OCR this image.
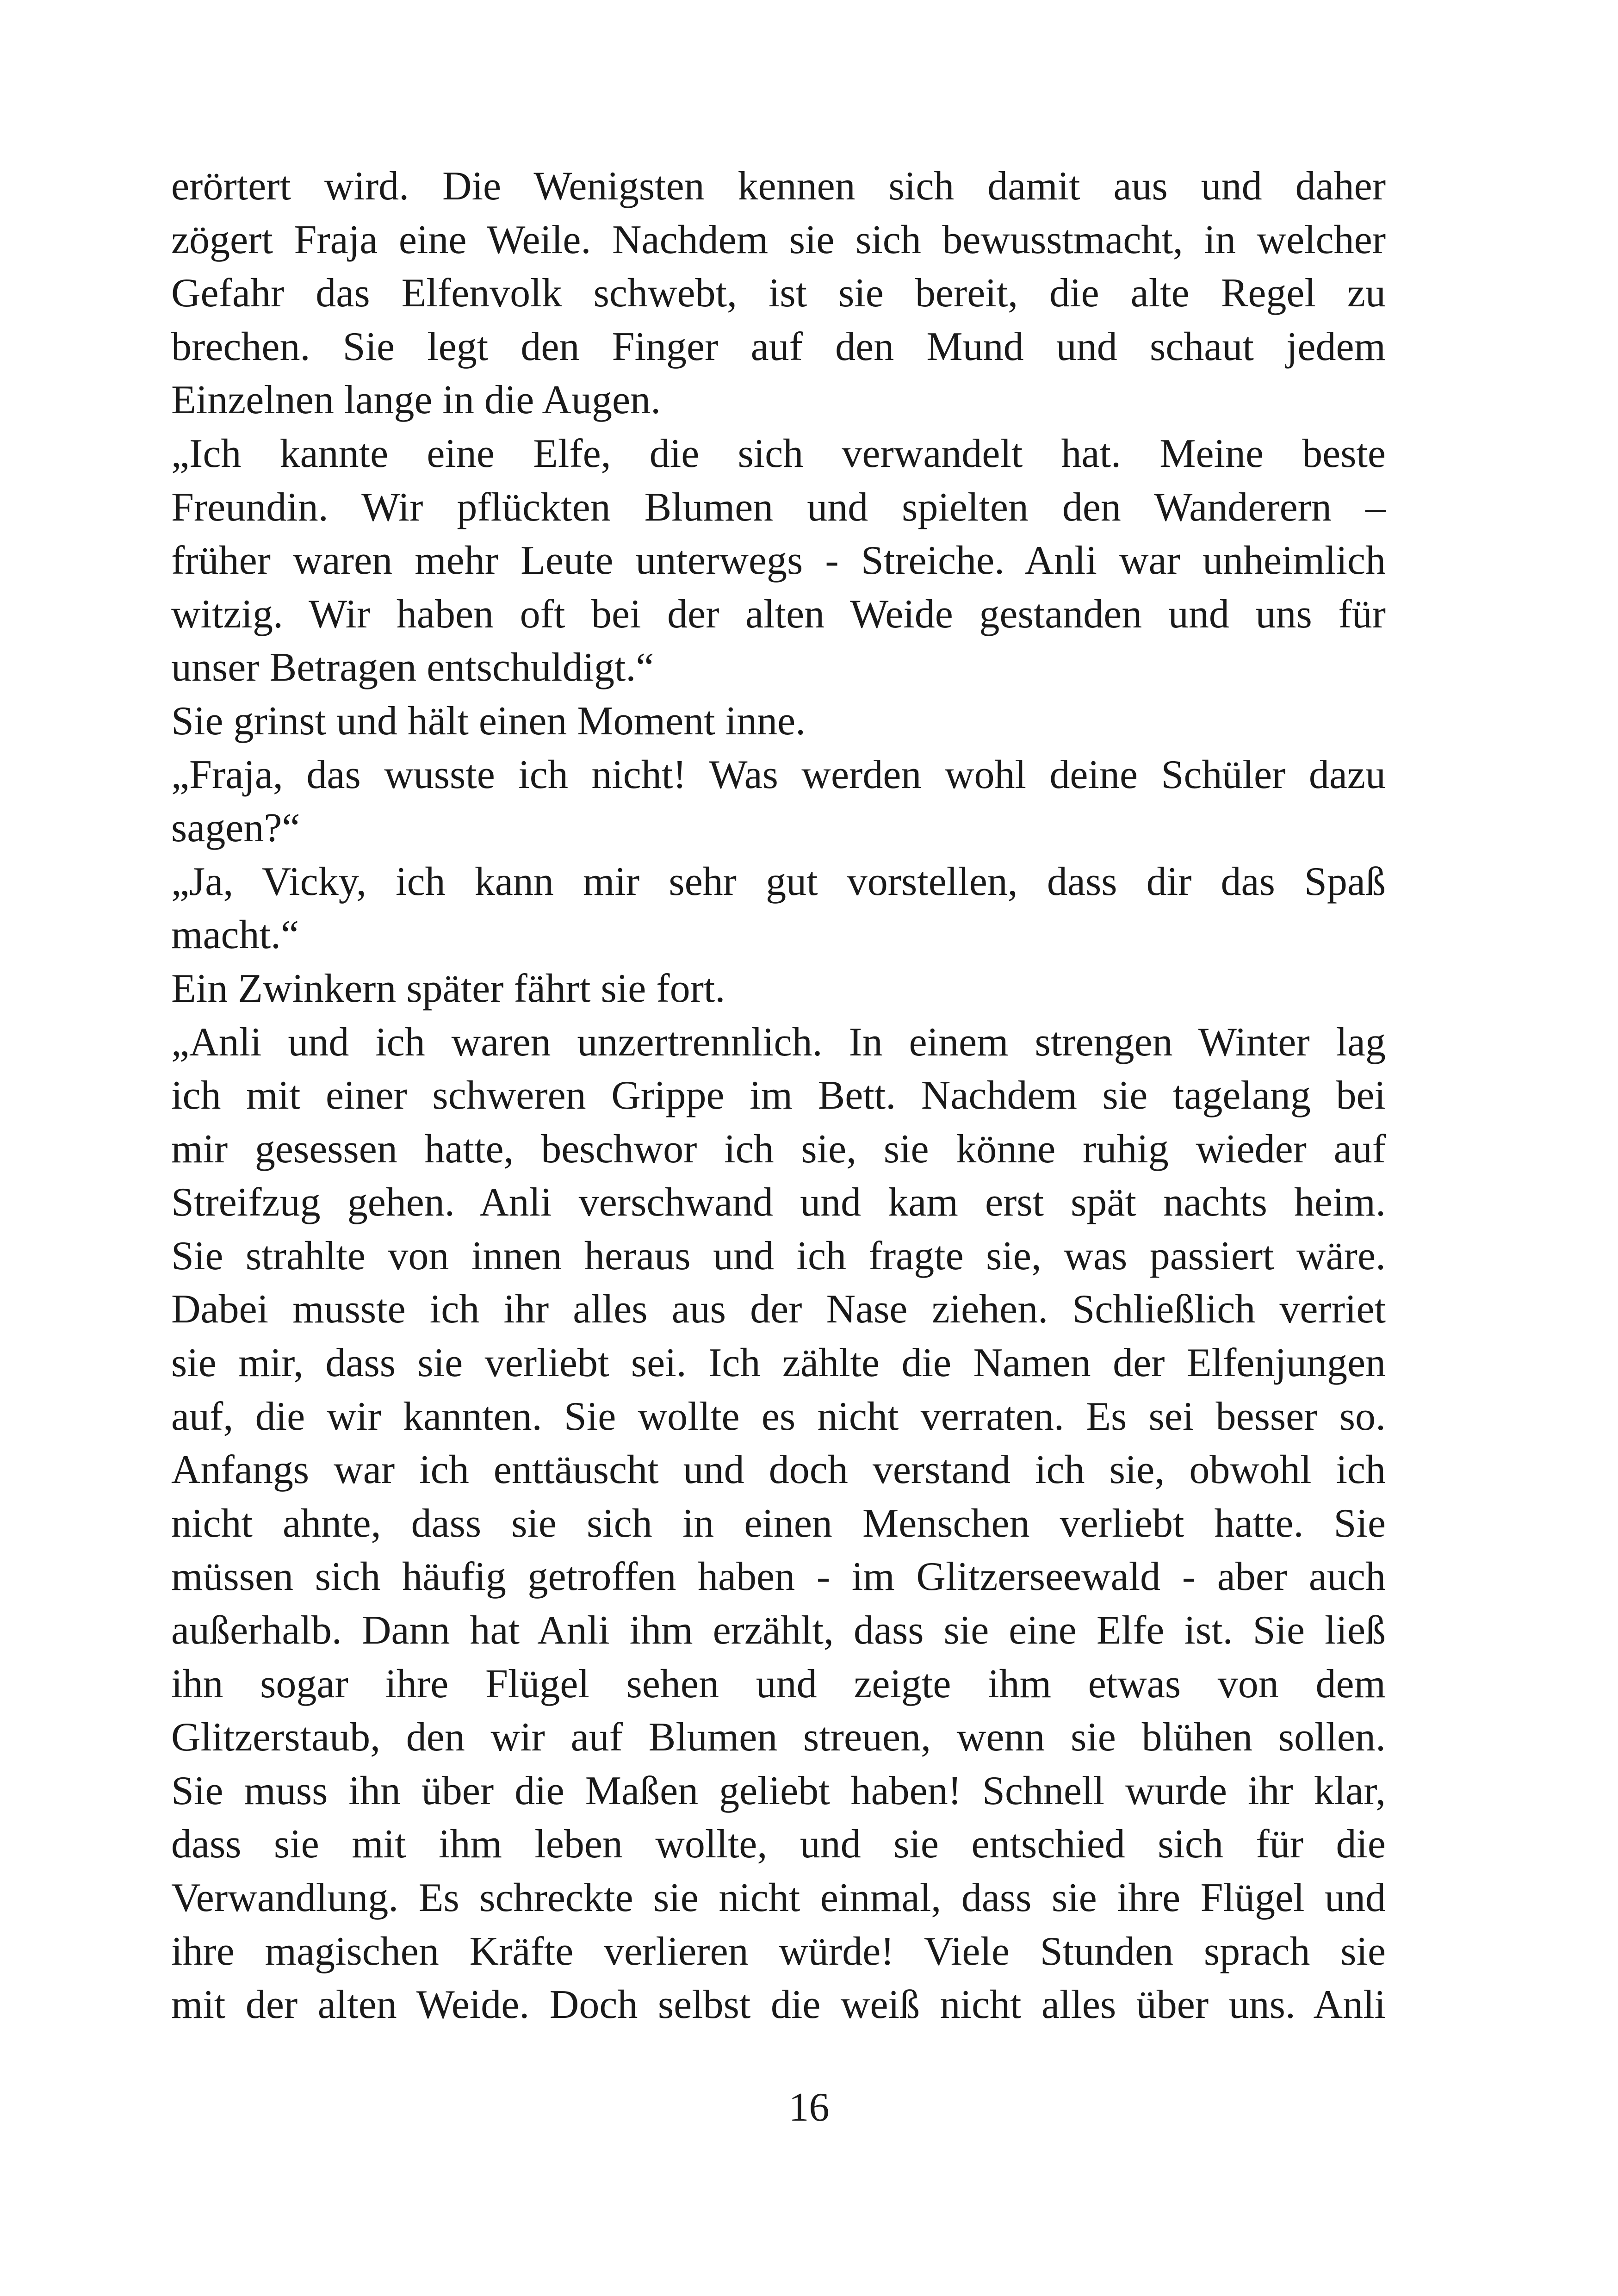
erörtert wird. Die Wenigsten kennen sich damit aus und daher
zögert Fraja eine Weile. Nachdem sie sich bewusstmacht, in welcher
Gefahr das Elfenvolk schwebt, ist sie bereit, die alte Regel zu
brechen. Sie legt den Finger auf den Mund und schaut jedem
Einzelnen lange in die Augen.
„Ich kannte eine Elfe, die sich verwandelt hat. Meine beste
Freundin. Wir pflückten Blumen und spielten den Wanderern –
früher waren mehr Leute unterwegs - Streiche. Anli war unheimlich
witzig. Wir haben oft bei der alten Weide gestanden und uns für
unser Betragen entschuldigt.“
Sie grinst und hält einen Moment inne.
„Fraja, das wusste ich nicht! Was werden wohl deine Schüler dazu
sagen?“
„Ja, Vicky, ich kann mir sehr gut vorstellen, dass dir das Spaß
macht.“
Ein Zwinkern später fährt sie fort.
„Anli und ich waren unzertrennlich. In einem strengen Winter lag
ich mit einer schweren Grippe im Bett. Nachdem sie tagelang bei
mir gesessen hatte, beschwor ich sie, sie könne ruhig wieder auf
Streifzug gehen. Anli verschwand und kam erst spät nachts heim.
Sie strahlte von innen heraus und ich fragte sie, was passiert wäre.
Dabei musste ich ihr alles aus der Nase ziehen. Schließlich verriet
sie mir, dass sie verliebt sei. Ich zählte die Namen der Elfenjungen
auf, die wir kannten. Sie wollte es nicht verraten. Es sei besser so.
Anfangs war ich enttäuscht und doch verstand ich sie, obwohl ich
nicht ahnte, dass sie sich in einen Menschen verliebt hatte. Sie
müssen sich häufig getroffen haben - im Glitzerseewald - aber auch
außerhalb. Dann hat Anli ihm erzählt, dass sie eine Elfe ist. Sie ließ
ihn sogar ihre Flügel sehen und zeigte ihm etwas von dem
Glitzerstaub, den wir auf Blumen streuen, wenn sie blühen sollen.
Sie muss ihn über die Maßen geliebt haben! Schnell wurde ihr klar,
dass sie mit ihm leben wollte, und sie entschied sich für die
Verwandlung. Es schreckte sie nicht einmal, dass sie ihre Flügel und
ihre magischen Kräfte verlieren würde! Viele Stunden sprach sie
mit der alten Weide. Doch selbst die weiß nicht alles über uns. Anli
16
